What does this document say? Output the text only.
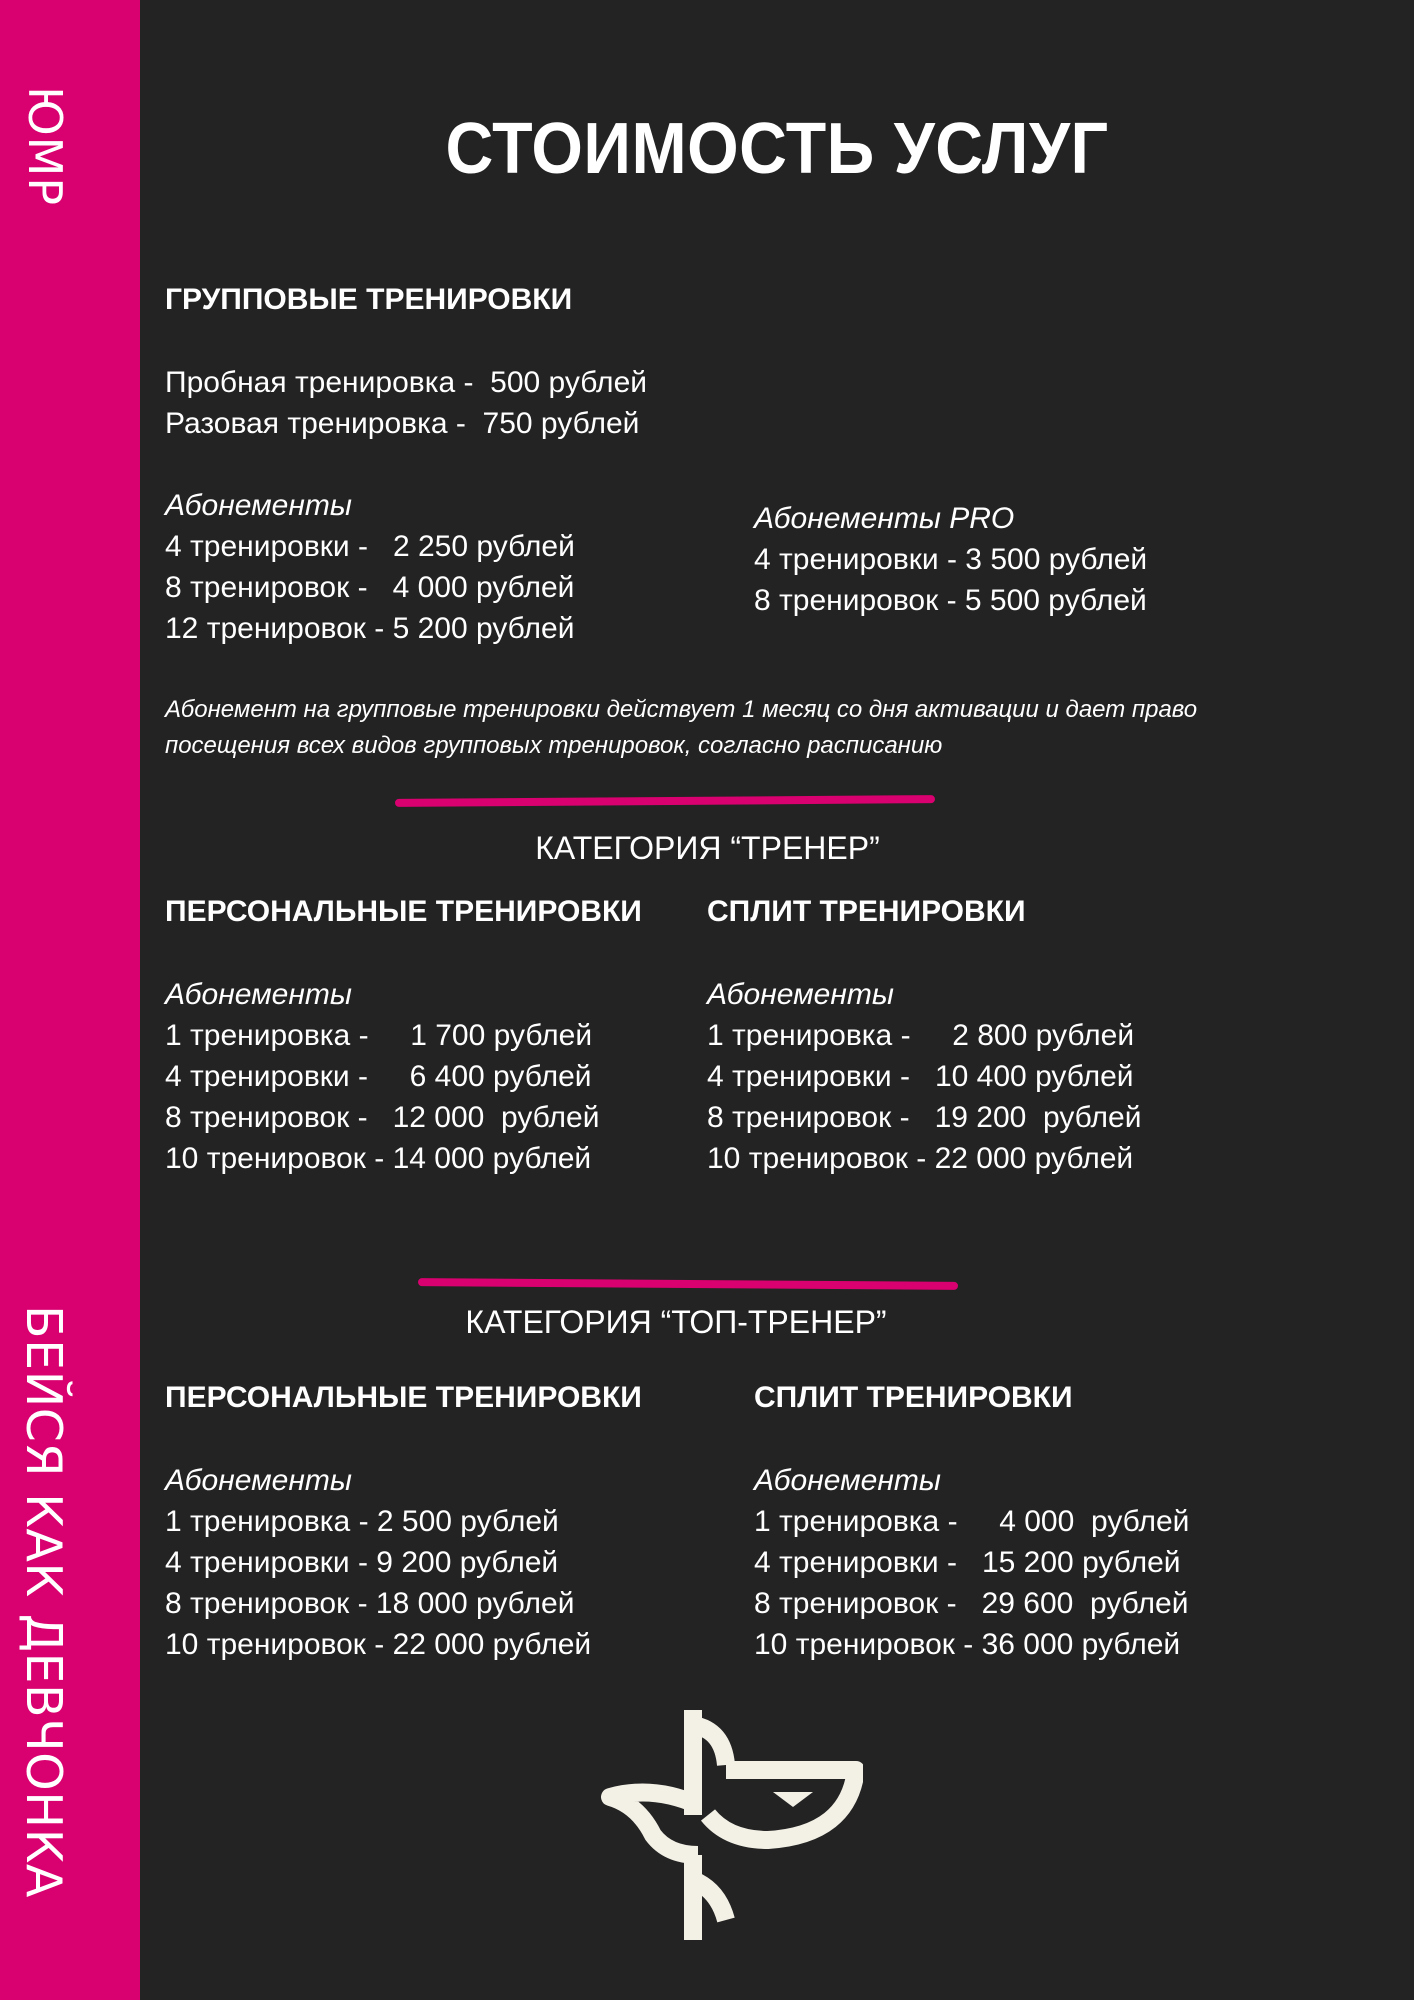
ЮМР
БЕЙСЯ КАК ДЕВЧОНКА
СТОИМОСТЬ УСЛУГ
ГРУППОВЫЕ ТРЕНИРОВКИ
Пробная тренировка -  500 рублей
Разовая тренировка -  750 рублей
Абонементы
4 тренировки -   2 250 рублей
8 тренировок -   4 000 рублей
12 тренировок - 5 200 рублей
Абонементы PRO
4 тренировки - 3 500 рублей
8 тренировок - 5 500 рублей
Абонемент на групповые тренировки действует 1 месяц со дня активации и дает право
посещения всех видов групповых тренировок, согласно расписанию
КАТЕГОРИЯ “ТРЕНЕР”
ПЕРСОНАЛЬНЫЕ ТРЕНИРОВКИ СПЛИТ ТРЕНИРОВКИ
Абонементы
1 тренировка -     1 700 рублей
4 тренировки -     6 400 рублей
8 тренировок -   12 000  рублей
10 тренировок - 14 000 рублей
Абонементы
1 тренировка -     2 800 рублей
4 тренировки -   10 400 рублей
8 тренировок -   19 200  рублей
10 тренировок - 22 000 рублей
КАТЕГОРИЯ “ТОП-ТРЕНЕР”
ПЕРСОНАЛЬНЫЕ ТРЕНИРОВКИ	СПЛИТ ТРЕНИРОВКИ
Абонементы
1 тренировка - 2 500 рублей
4 тренировки - 9 200 рублей
8 тренировок - 18 000 рублей
10 тренировок - 22 000 рублей
Абонементы
1 тренировка -     4 000  рублей
4 тренировки -   15 200 рублей
8 тренировок -   29 600  рублей
10 тренировок - 36 000 рублей
